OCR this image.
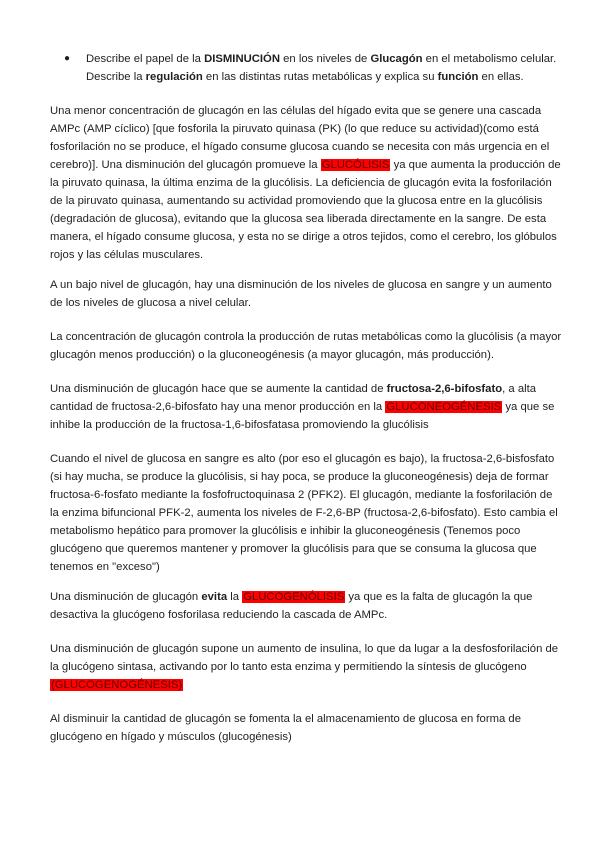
● Describe el papel de la DISMINUCIÓN en los niveles de Glucagón en el metabolismo celular. Describe la regulación en las distintas rutas metabólicas y explica su función en ellas.
Una menor concentración de glucagón en las células del hígado evita que se genere una cascada AMPc (AMP cíclico) [que fosforila la piruvato quinasa (PK) (lo que reduce su actividad)(como está fosforilación no se produce, el hígado consume glucosa cuando se necesita con más urgencia en el cerebro)]. Una disminución del glucagón promueve la GLUCÓLISIS ya que aumenta la producción de la piruvato quinasa, la última enzima de la glucólisis. La deficiencia de glucagón evita la fosforilación de la piruvato quinasa, aumentando su actividad promoviendo que la glucosa entre en la glucólisis (degradación de glucosa), evitando que la glucosa sea liberada directamente en la sangre. De esta manera, el hígado consume glucosa, y esta no se dirige a otros tejidos, como el cerebro, los glóbulos rojos y las células musculares.
A un bajo nivel de glucagón, hay una disminución de los niveles de glucosa en sangre y un aumento de los niveles de glucosa a nivel celular.
La concentración de glucagón controla la producción de rutas metabólicas como la glucólisis (a mayor glucagón menos producción) o la gluconeogénesis (a mayor glucagón, más producción).
Una disminución de glucagón hace que se aumente la cantidad de fructosa-2,6-bifosfato, a alta cantidad de fructosa-2,6-bifosfato hay una menor producción en la GLUCONEOGÉNESIS ya que se inhibe la producción de la fructosa-1,6-bifosfatasa promoviendo la glucólisis
Cuando el nivel de glucosa en sangre es alto (por eso el glucagón es bajo), la fructosa-2,6-bisfosfato (si hay mucha, se produce la glucólisis, si hay poca, se produce la gluconeogénesis) deja de formar fructosa-6-fosfato mediante la fosfofructoquinasa 2 (PFK2). El glucagón, mediante la fosforilación de la enzima bifuncional PFK-2, aumenta los niveles de F-2,6-BP (fructosa-2,6-bifosfato). Esto cambia el metabolismo hepático para promover la glucólisis e inhibir la gluconeogénesis (Tenemos poco glucógeno que queremos mantener y promover la glucólisis para que se consuma la glucosa que tenemos en "exceso")
Una disminución de glucagón evita la GLUCOGENÓLISIS ya que es la falta de glucagón la que desactiva la glucógeno fosforilasa reduciendo la cascada de AMPc.
Una disminución de glucagón supone un aumento de insulina, lo que da lugar a la desfosforilación de la glucógeno sintasa, activando por lo tanto esta enzima y permitiendo la síntesis de glucógeno (GLUCOGENOGÉNESIS)
Al disminuir la cantidad de glucagón se fomenta la el almacenamiento de glucosa en forma de glucógeno en hígado y músculos (glucogénesis)
